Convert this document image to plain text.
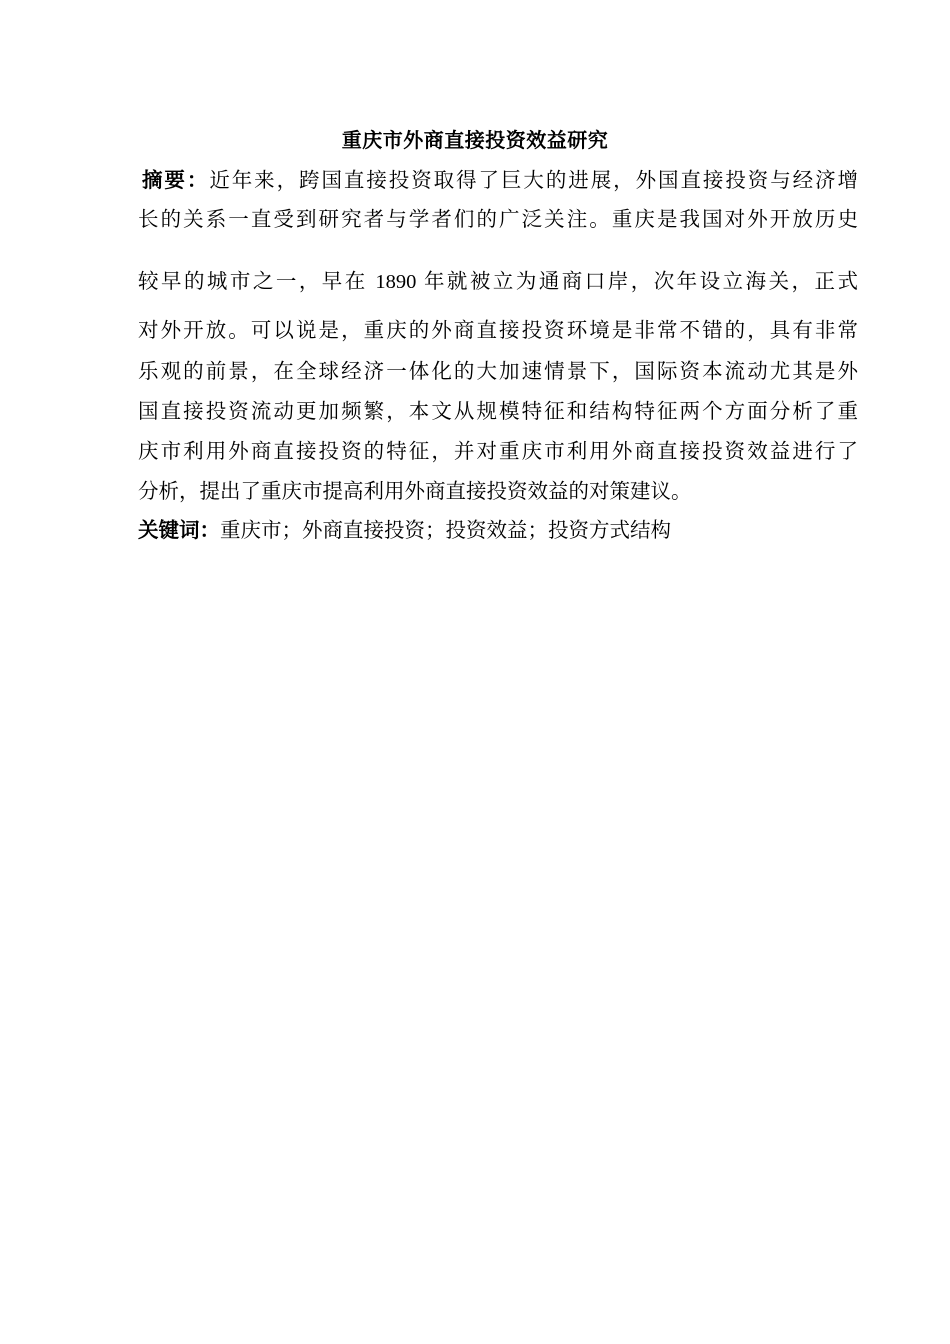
重庆市外商直接投资效益研究
摘要：近年来，跨国直接投资取得了巨大的进展，外国直接投资与经济增
长的关系一直受到研究者与学者们的广泛关注。重庆是我国对外开放历史
较早的城市之一，早在 1890 年就被立为通商口岸，次年设立海关，正式
对外开放。可以说是，重庆的外商直接投资环境是非常不错的，具有非常
乐观的前景，在全球经济一体化的大加速情景下，国际资本流动尤其是外
国直接投资流动更加频繁，本文从规模特征和结构特征两个方面分析了重
庆市利用外商直接投资的特征，并对重庆市利用外商直接投资效益进行了
分析，提出了重庆市提高利用外商直接投资效益的对策建议。
关键词：重庆市；外商直接投资；投资效益；投资方式结构
